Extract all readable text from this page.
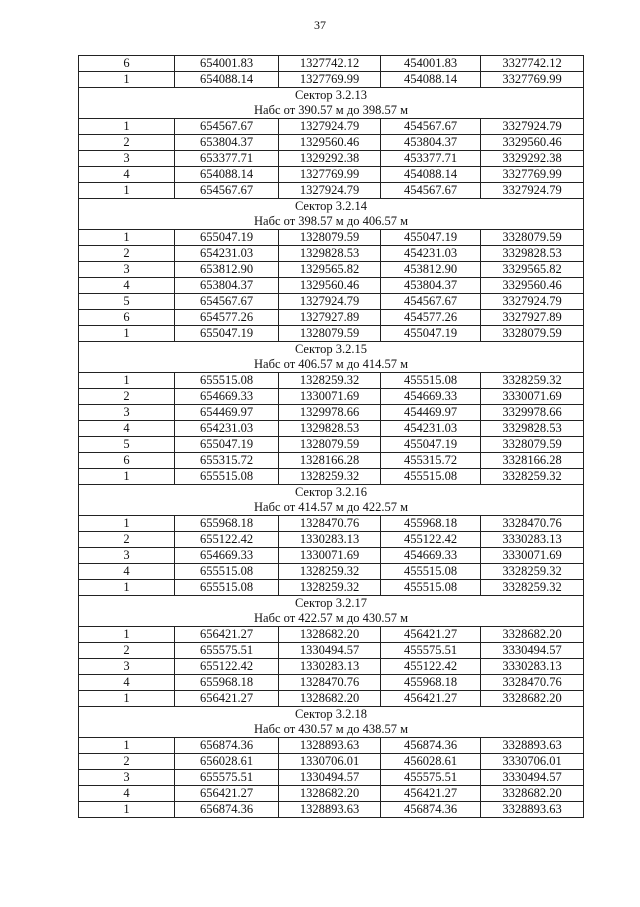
37
6	654001.83	1327742.12	454001.83	3327742.12
1	654088.14	1327769.99	454088.14	3327769.99

Сектор 3.2.13
Набс от 390.57 м до 398.57 м				

1	654567.67	1327924.79	454567.67	3327924.79
2	653804.37	1329560.46	453804.37	3329560.46
3	653377.71	1329292.38	453377.71	3329292.38
4	654088.14	1327769.99	454088.14	3327769.99
1	654567.67	1327924.79	454567.67	3327924.79

Сектор 3.2.14
Набс от 398.57 м до 406.57 м				

1	655047.19	1328079.59	455047.19	3328079.59
2	654231.03	1329828.53	454231.03	3329828.53
3	653812.90	1329565.82	453812.90	3329565.82
4	653804.37	1329560.46	453804.37	3329560.46
5	654567.67	1327924.79	454567.67	3327924.79
6	654577.26	1327927.89	454577.26	3327927.89
1	655047.19	1328079.59	455047.19	3328079.59

Сектор 3.2.15
Набс от 406.57 м до 414.57 м				

1	655515.08	1328259.32	455515.08	3328259.32
2	654669.33	1330071.69	454669.33	3330071.69
3	654469.97	1329978.66	454469.97	3329978.66
4	654231.03	1329828.53	454231.03	3329828.53
5	655047.19	1328079.59	455047.19	3328079.59
6	655315.72	1328166.28	455315.72	3328166.28
1	655515.08	1328259.32	455515.08	3328259.32

Сектор 3.2.16
Набс от 414.57 м до 422.57 м				

1	655968.18	1328470.76	455968.18	3328470.76
2	655122.42	1330283.13	455122.42	3330283.13
3	654669.33	1330071.69	454669.33	3330071.69
4	655515.08	1328259.32	455515.08	3328259.32
1	655515.08	1328259.32	455515.08	3328259.32

Сектор 3.2.17
Набс от 422.57 м до 430.57 м				

1	656421.27	1328682.20	456421.27	3328682.20
2	655575.51	1330494.57	455575.51	3330494.57
3	655122.42	1330283.13	455122.42	3330283.13
4	655968.18	1328470.76	455968.18	3328470.76
1	656421.27	1328682.20	456421.27	3328682.20

Сектор 3.2.18
Набс от 430.57 м до 438.57 м				

1	656874.36	1328893.63	456874.36	3328893.63
2	656028.61	1330706.01	456028.61	3330706.01
3	655575.51	1330494.57	455575.51	3330494.57
4	656421.27	1328682.20	456421.27	3328682.20
1	656874.36	1328893.63	456874.36	3328893.63
